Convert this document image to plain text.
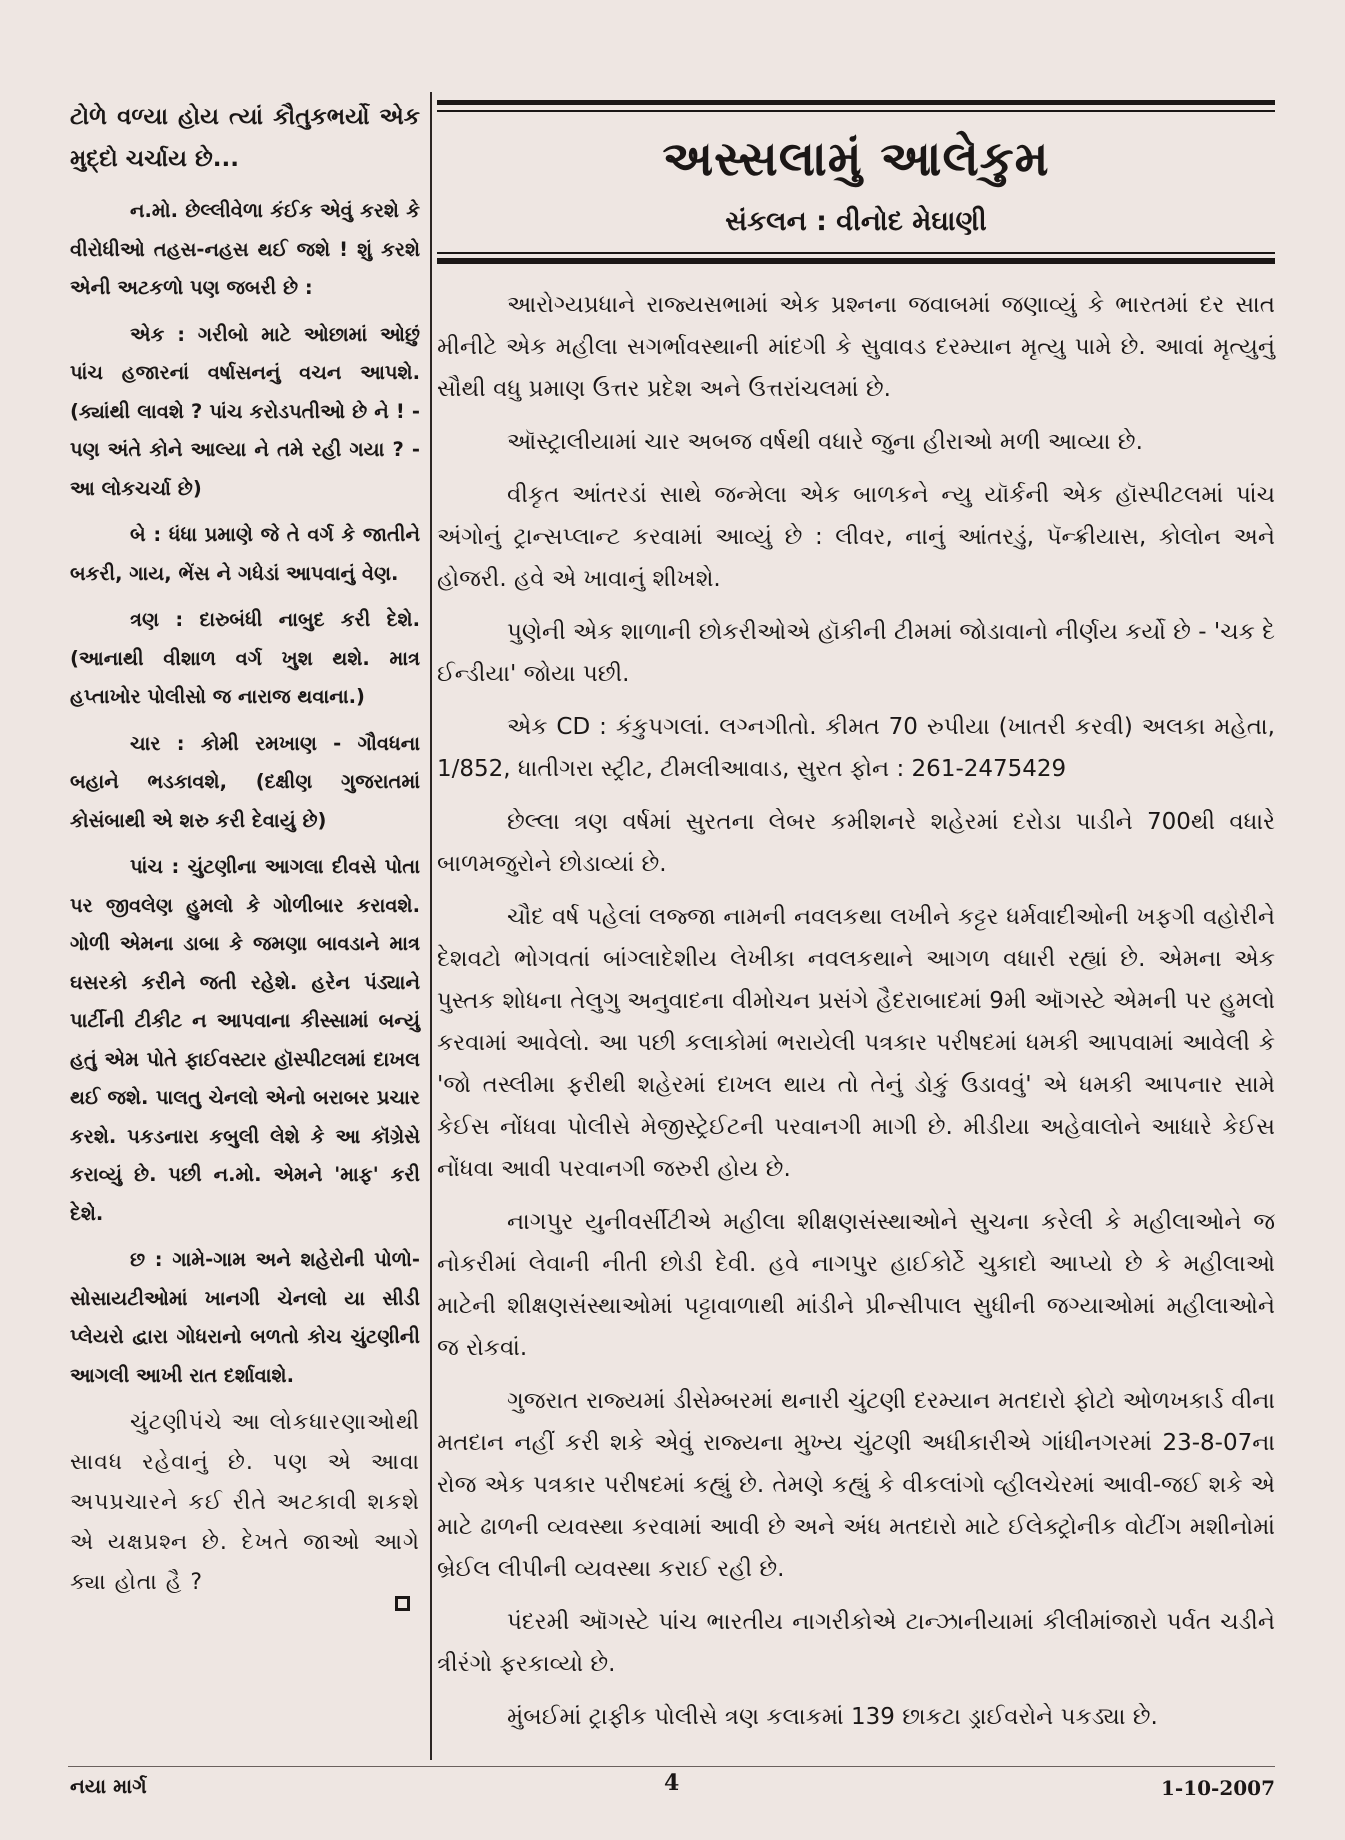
ટોળે વળ્યા હોય ત્યાં કૌતુકભર્યો એક મુદ્દો ચર્ચાય છે...

ન.મો. છેલ્લીવેળા કંઈક એવું કરશે કે વીરોધીઓ તહસ-નહસ થઈ જશે ! શું કરશે એની અટકળો પણ જબરી છે :

એક : ગરીબો માટે ઓછામાં ઓછું પાંચ હજારનાં વર્ષાસનનું વચન આપશે. (ક્યાંથી લાવશે ? પાંચ કરોડપતીઓ છે ને ! - પણ અંતે કોને આલ્યા ને તમે રહી ગયા ? - આ લોકચર્ચા છે)

બે : ધંધા પ્રમાણે જે તે વર્ગ કે જાતીને બકરી, ગાય, ભેંસ ને ગધેડાં આપવાનું વેણ.

ત્રણ : દારુબંધી નાબુદ કરી દેશે. (આનાથી વીશાળ વર્ગ ખુશ થશે. માત્ર હપ્તાખોર પોલીસો જ નારાજ થવાના.)

ચાર : કોમી રમખાણ - ગૌવધના બહાને ભડકાવશે, (દક્ષીણ ગુજરાતમાં કોસંબાથી એ શરુ કરી દેવાયું છે)

પાંચ : ચુંટણીના આગલા દીવસે પોતા પર જીવલેણ હુમલો કે ગોળીબાર કરાવશે. ગોળી એમના ડાબા કે જમણા બાવડાને માત્ર ઘસરકો કરીને જતી રહેશે. હરેન પંડ્યાને પાર્ટીની ટીકીટ ન આપવાના કીસ્સામાં બન્યું હતું એમ પોતે ફાઈવસ્ટાર હૉસ્પીટલમાં દાખલ થઈ જશે. પાલતુ ચેનલો એનો બરાબર પ્રચાર કરશે. પકડનારા કબુલી લેશે કે આ કૉંગ્રેસે કરાવ્યું છે. પછી ન.મો. એમને 'માફ' કરી દેશે.

છ : ગામે-ગામ અને શહેરોની પોળો-સોસાયટીઓમાં ખાનગી ચેનલો યા સીડી પ્લેયરો દ્વારા ગોધરાનો બળતો કોચ ચુંટણીની આગલી આખી રાત દર્શાવાશે.

ચુંટણીપંચે આ લોકધારણાઓથી સાવધ રહેવાનું છે. પણ એ આવા અપપ્રચારને કઈ રીતે અટકાવી શકશે એ યક્ષપ્રશ્ન છે. દેખતે જાઓ આગે ક્યા હોતા હૈ ?

અસ્સલામું આલેકુમ
સંકલન : વીનોદ મેઘાણી

આરોગ્યપ્રધાને રાજ્યસભામાં એક પ્રશ્નના જવાબમાં જણાવ્યું કે ભારતમાં દર સાત મીનીટે એક મહીલા સગર્ભાવસ્થાની માંદગી કે સુવાવડ દરમ્યાન મૃત્યુ પામે છે. આવાં મૃત્યુનું સૌથી વધુ પ્રમાણ ઉત્તર પ્રદેશ અને ઉત્તરાંચલમાં છે.

ઑસ્ટ્રાલીયામાં ચાર અબજ વર્ષથી વધારે જુના હીરાઓ મળી આવ્યા છે.

વીકૃત આંતરડાં સાથે જન્મેલા એક બાળકને ન્યુ યૉર્કની એક હૉસ્પીટલમાં પાંચ અંગોનું ટ્રાન્સપ્લાન્ટ કરવામાં આવ્યું છે : લીવર, નાનું આંતરડું, પૅન્ક્રીયાસ, કોલોન અને હોજરી. હવે એ ખાવાનું શીખશે.

પુણેની એક શાળાની છોકરીઓએ હૉકીની ટીમમાં જોડાવાનો નીર્ણય કર્યો છે - 'ચક દે ઈન્ડીયા' જોયા પછી.

એક CD : કંકુપગલાં. લગ્નગીતો. કીમત 70 રુપીયા (ખાતરી કરવી) અલકા મહેતા, 1/852, ધાતીગરા સ્ટ્રીટ, ટીમલીઆવાડ, સુરત ફોન : 261-2475429

છેલ્લા ત્રણ વર્ષમાં સુરતના લેબર કમીશનરે શહેરમાં દરોડા પાડીને 700થી વધારે બાળમજુરોને છોડાવ્યાં છે.

ચૌદ વર્ષ પહેલાં લજ્જા નામની નવલકથા લખીને કટ્ટર ધર્મવાદીઓની ખફગી વહોરીને દેશવટો ભોગવતાં બાંગ્લાદેશીય લેખીકા નવલકથાને આગળ વધારી રહ્યાં છે. એમના એક પુસ્તક શોધના તેલુગુ અનુવાદના વીમોચન પ્રસંગે હૈદરાબાદમાં 9મી ઑગસ્ટે એમની પર હુમલો કરવામાં આવેલો. આ પછી કલાકોમાં ભરાયેલી પત્રકાર પરીષદમાં ધમકી આપવામાં આવેલી કે 'જો તસ્લીમા ફરીથી શહેરમાં દાખલ થાય તો તેનું ડોકું ઉડાવવું' એ ધમકી આપનાર સામે કેઈસ નોંધવા પોલીસે મેજીસ્ટ્રેઈટની પરવાનગી માગી છે. મીડીયા અહેવાલોને આધારે કેઈસ નોંધવા આવી પરવાનગી જરુરી હોય છે.

નાગપુર યુનીવર્સીટીએ મહીલા શીક્ષણસંસ્થાઓને સુચના કરેલી કે મહીલાઓને જ નોકરીમાં લેવાની નીતી છોડી દેવી. હવે નાગપુર હાઈકોર્ટે ચુકાદો આપ્યો છે કે મહીલાઓ માટેની શીક્ષણસંસ્થાઓમાં પટ્ટાવાળાથી માંડીને પ્રીન્સીપાલ સુધીની જગ્યાઓમાં મહીલાઓને જ રોકવાં.

ગુજરાત રાજ્યમાં ડીસેમ્બરમાં થનારી ચુંટણી દરમ્યાન મતદારો ફોટો ઓળખકાર્ડ વીના મતદાન નહીં કરી શકે એવું રાજ્યના મુખ્ય ચુંટણી અધીકારીએ ગાંધીનગરમાં 23-8-07ના રોજ એક પત્રકાર પરીષદમાં કહ્યું છે. તેમણે કહ્યું કે વીકલાંગો વ્હીલચેરમાં આવી-જઈ શકે એ માટે ઢાળની વ્યવસ્થા કરવામાં આવી છે અને અંધ મતદારો માટે ઈલેક્ટ્રોનીક વોટીંગ મશીનોમાં બ્રેઈલ લીપીની વ્યવસ્થા કરાઈ રહી છે.

પંદરમી ઑગસ્ટે પાંચ ભારતીય નાગરીકોએ ટાન્ઝાનીયામાં કીલીમાંજારો પર્વત ચડીને ત્રીરંગો ફરકાવ્યો છે.

મુંબઈમાં ટ્રાફીક પોલીસે ત્રણ કલાકમાં 139 છાકટા ડ્રાઈવરોને પકડ્યા છે.

નયા માર્ગ	4	1-10-2007
